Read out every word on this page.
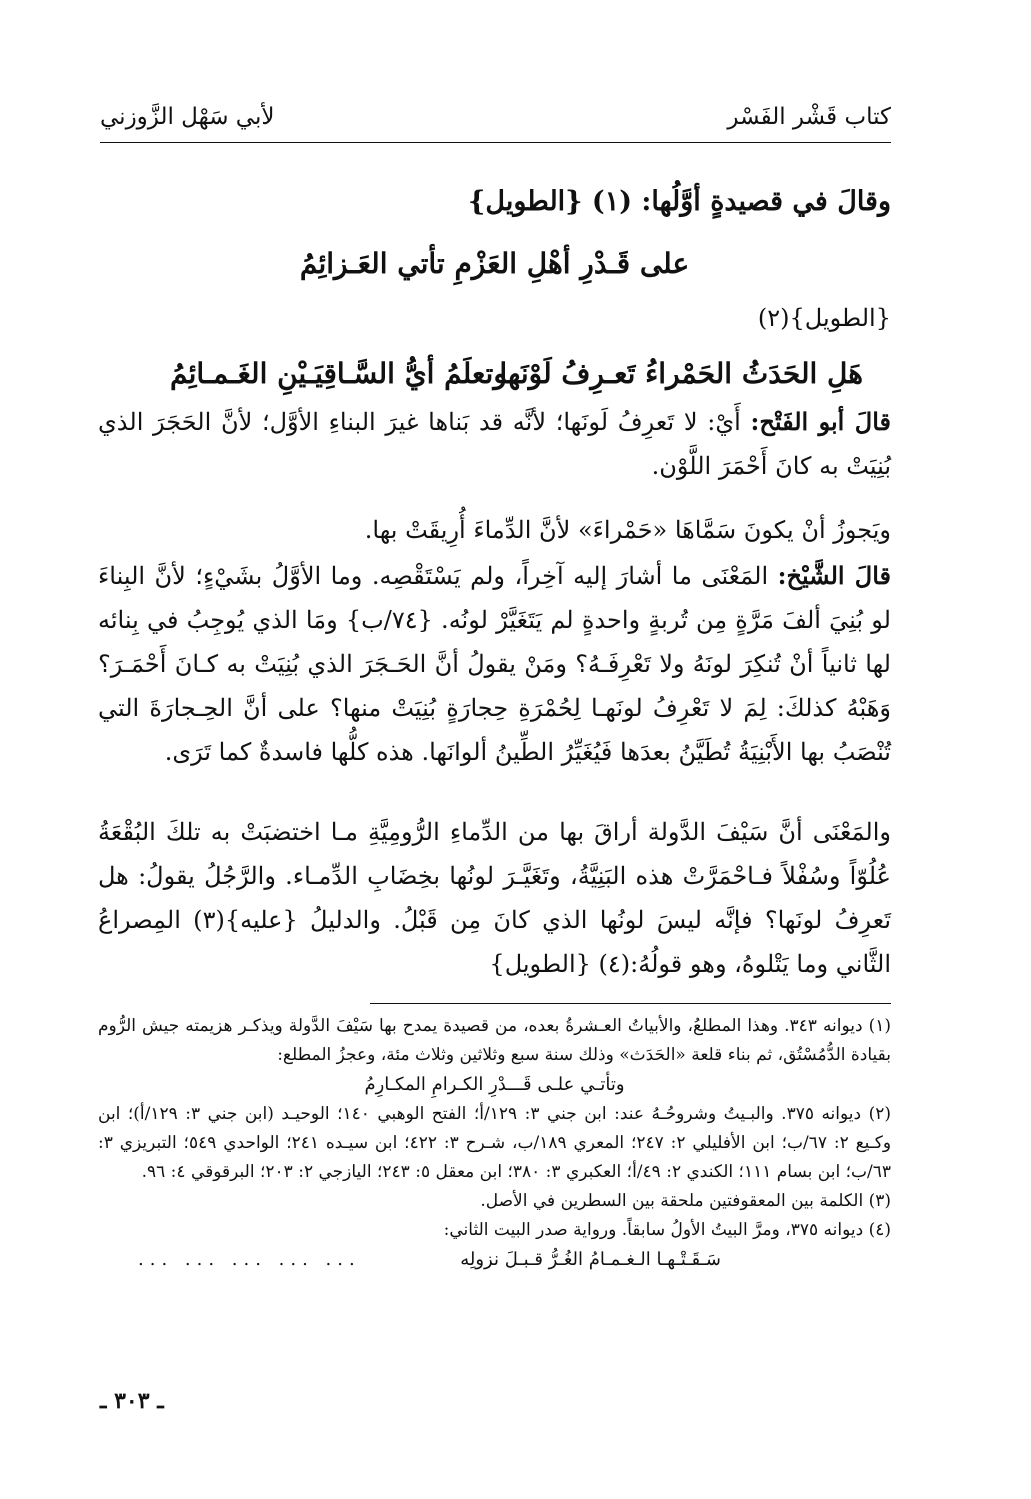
كتاب قَشْر الفَسْر
لأبي سَهْل الزَّوزني
وقالَ في قصيدةٍ أوَّلُها: (١) {الطويل}
على قَـدْرِ أهْلِ العَزْمِ تأتي العَـزائِمُ
{الطويل}(٢)
هَلِ الحَدَثُ الحَمْراءُ تَعـرِفُ لَوْنَها
وتعلَمُ أيُّ السَّـاقِيَـيْنِ الغَـمـائِمُ

قالَ أبو الفَتْح: أَيْ: لا تَعرِفُ لَونَها؛ لأنَّه قد بَناها غيرَ البناءِ الأوَّل؛ لأنَّ الحَجَرَ الذي بُنِيَتْ به كانَ أَحْمَرَ اللَّوْن.

ويَجوزُ أنْ يكونَ سَمَّاهَا «حَمْراءَ» لأنَّ الدِّماءَ أُرِيقَتْ بها.

قالَ الشَّيْخ: المَعْنَى ما أشارَ إليه آخِراً، ولم يَسْتَقْصِه. وما الأوَّلُ بشَيْءٍ؛ لأنَّ البِناءَ لو بُنِيَ ألفَ مَرَّةٍ مِن تُربةٍ واحدةٍ لم يَتَغَيَّرْ لونُه. {٧٤/ب} ومَا الذي يُوجِبُ في بِنائه لها ثانياً أنْ تُنكِرَ لونَهُ ولا تَعْرِفَـهُ؟ ومَنْ يقولُ أنَّ الحَـجَرَ الذي بُنِيَتْ به كـانَ أَحْمَـرَ؟ وَهَبْهُ كذلكَ: لِمَ لا تَعْرِفُ لونَهـا لِحُمْرَةِ حِجارَةٍ بُنِيَتْ منها؟ على أنَّ الحِـجارَةَ التي تُنْصَبُ بها الأَبْنِيَةُ تُطَيَّنُ بعدَها فَيُغَيِّرُ الطِّينُ ألوانَها. هذه كلُّها فاسدةٌ كما تَرَى.

والمَعْنَى أنَّ سَيْفَ الدَّولة أراقَ بها من الدِّماءِ الرُّومِيَّةِ مـا اختضبَتْ به تلكَ البُقْعَةُ عُلُوّاً وسُفْلاً فـاحْمَرَّتْ هذه البَنِيَّةُ، وتَغَيَّـرَ لونُها بخِضَابِ الدِّمـاء. والرَّجُلُ يقولُ: هل تَعرِفُ لونَها؟ فإنَّه ليسَ لونُها الذي كانَ مِن قَبْلُ. والدليلُ {عليه}(٣) المِصراعُ الثَّاني وما يَتْلوهُ، وهو قولُهُ:(٤) {الطويل}

(١) ديوانه ٣٤٣. وهذا المطلعُ، والأبياتُ العـشرةُ بعده، من قصيدة يمدح بها سَيْفَ الدَّولة ويذكـر هزيمته جيش الرُّوم بقيادة الدُّمُسْتُق، ثم بناء قلعة «الحَدَث» وذلك سنة سبع وثلاثين وثلاث مئة، وعجزُ المطلع:

وتأتـي علـى قَـــدْرِ الكـرامِ المكـارِمُ

(٢) ديوانه ٣٧٥. والبـيتُ وشروحُـهُ عند: ابن جني ٣: ١٢٩/أ؛ الفتح الوهبي ١٤٠؛ الوحيـد (ابن جني ٣: ١٢٩/أ)؛ ابن وكـيع ٢: ٦٧/ب؛ ابن الأفليلي ٢: ٢٤٧؛ المعري ١٨٩/ب، شـرح ٣: ٤٢٢؛ ابن سيـده ٢٤١؛ الواحدي ٥٤٩؛ التبريزي ٣: ٦٣/ب؛ ابن بسام ١١١؛ الكندي ٢: ٤٩/أ؛ العكبري ٣: ٣٨٠؛ ابن معقل ٥: ٢٤٣؛ اليازجي ٢: ٢٠٣؛ البرقوقي ٤: ٩٦.

(٣) الكلمة بين المعقوفتين ملحقة بين السطرين في الأصل.

(٤) ديوانه ٣٧٥، ومرَّ البيتُ الأولُ سابقاً. ورواية صدر البيت الثاني:

سَـقَـتْـهـا الـغـمـامُ الغُـرُّ قـبـلَ نزولِه
... ... ... ... ...
ـ ٣٠٣ ـ
